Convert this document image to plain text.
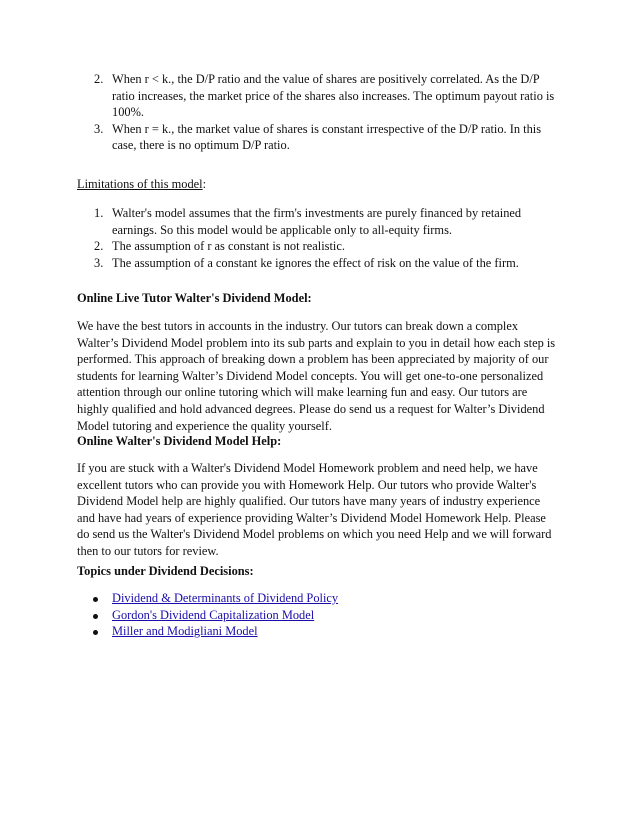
2. When r < k., the D/P ratio and the value of shares are positively correlated. As the D/P ratio increases, the market price of the shares also increases. The optimum payout ratio is 100%.
3. When r = k., the market value of shares is constant irrespective of the D/P ratio. In this case, there is no optimum D/P ratio.
Limitations of this model:
1. Walter's model assumes that the firm's investments are purely financed by retained earnings. So this model would be applicable only to all-equity firms.
2. The assumption of r as constant is not realistic.
3. The assumption of a constant ke ignores the effect of risk on the value of the firm.
Online Live Tutor Walter's Dividend Model:
We have the best tutors in accounts in the industry. Our tutors can break down a complex Walter’s Dividend Model problem into its sub parts and explain to you in detail how each step is performed. This approach of breaking down a problem has been appreciated by majority of our students for learning Walter’s Dividend Model concepts. You will get one-to-one personalized attention through our online tutoring which will make learning fun and easy. Our tutors are highly qualified and hold advanced degrees. Please do send us a request for Walter’s Dividend Model tutoring and experience the quality yourself.
Online Walter's Dividend Model Help:
If you are stuck with a Walter's Dividend Model Homework problem and need help, we have excellent tutors who can provide you with Homework Help. Our tutors who provide Walter's Dividend Model help are highly qualified. Our tutors have many years of industry experience and have had years of experience providing Walter’s Dividend Model Homework Help. Please do send us the Walter's Dividend Model problems on which you need Help and we will forward then to our tutors for review.
Topics under Dividend Decisions:
Dividend & Determinants of Dividend Policy
Gordon's Dividend Capitalization Model
Miller and Modigliani Model
